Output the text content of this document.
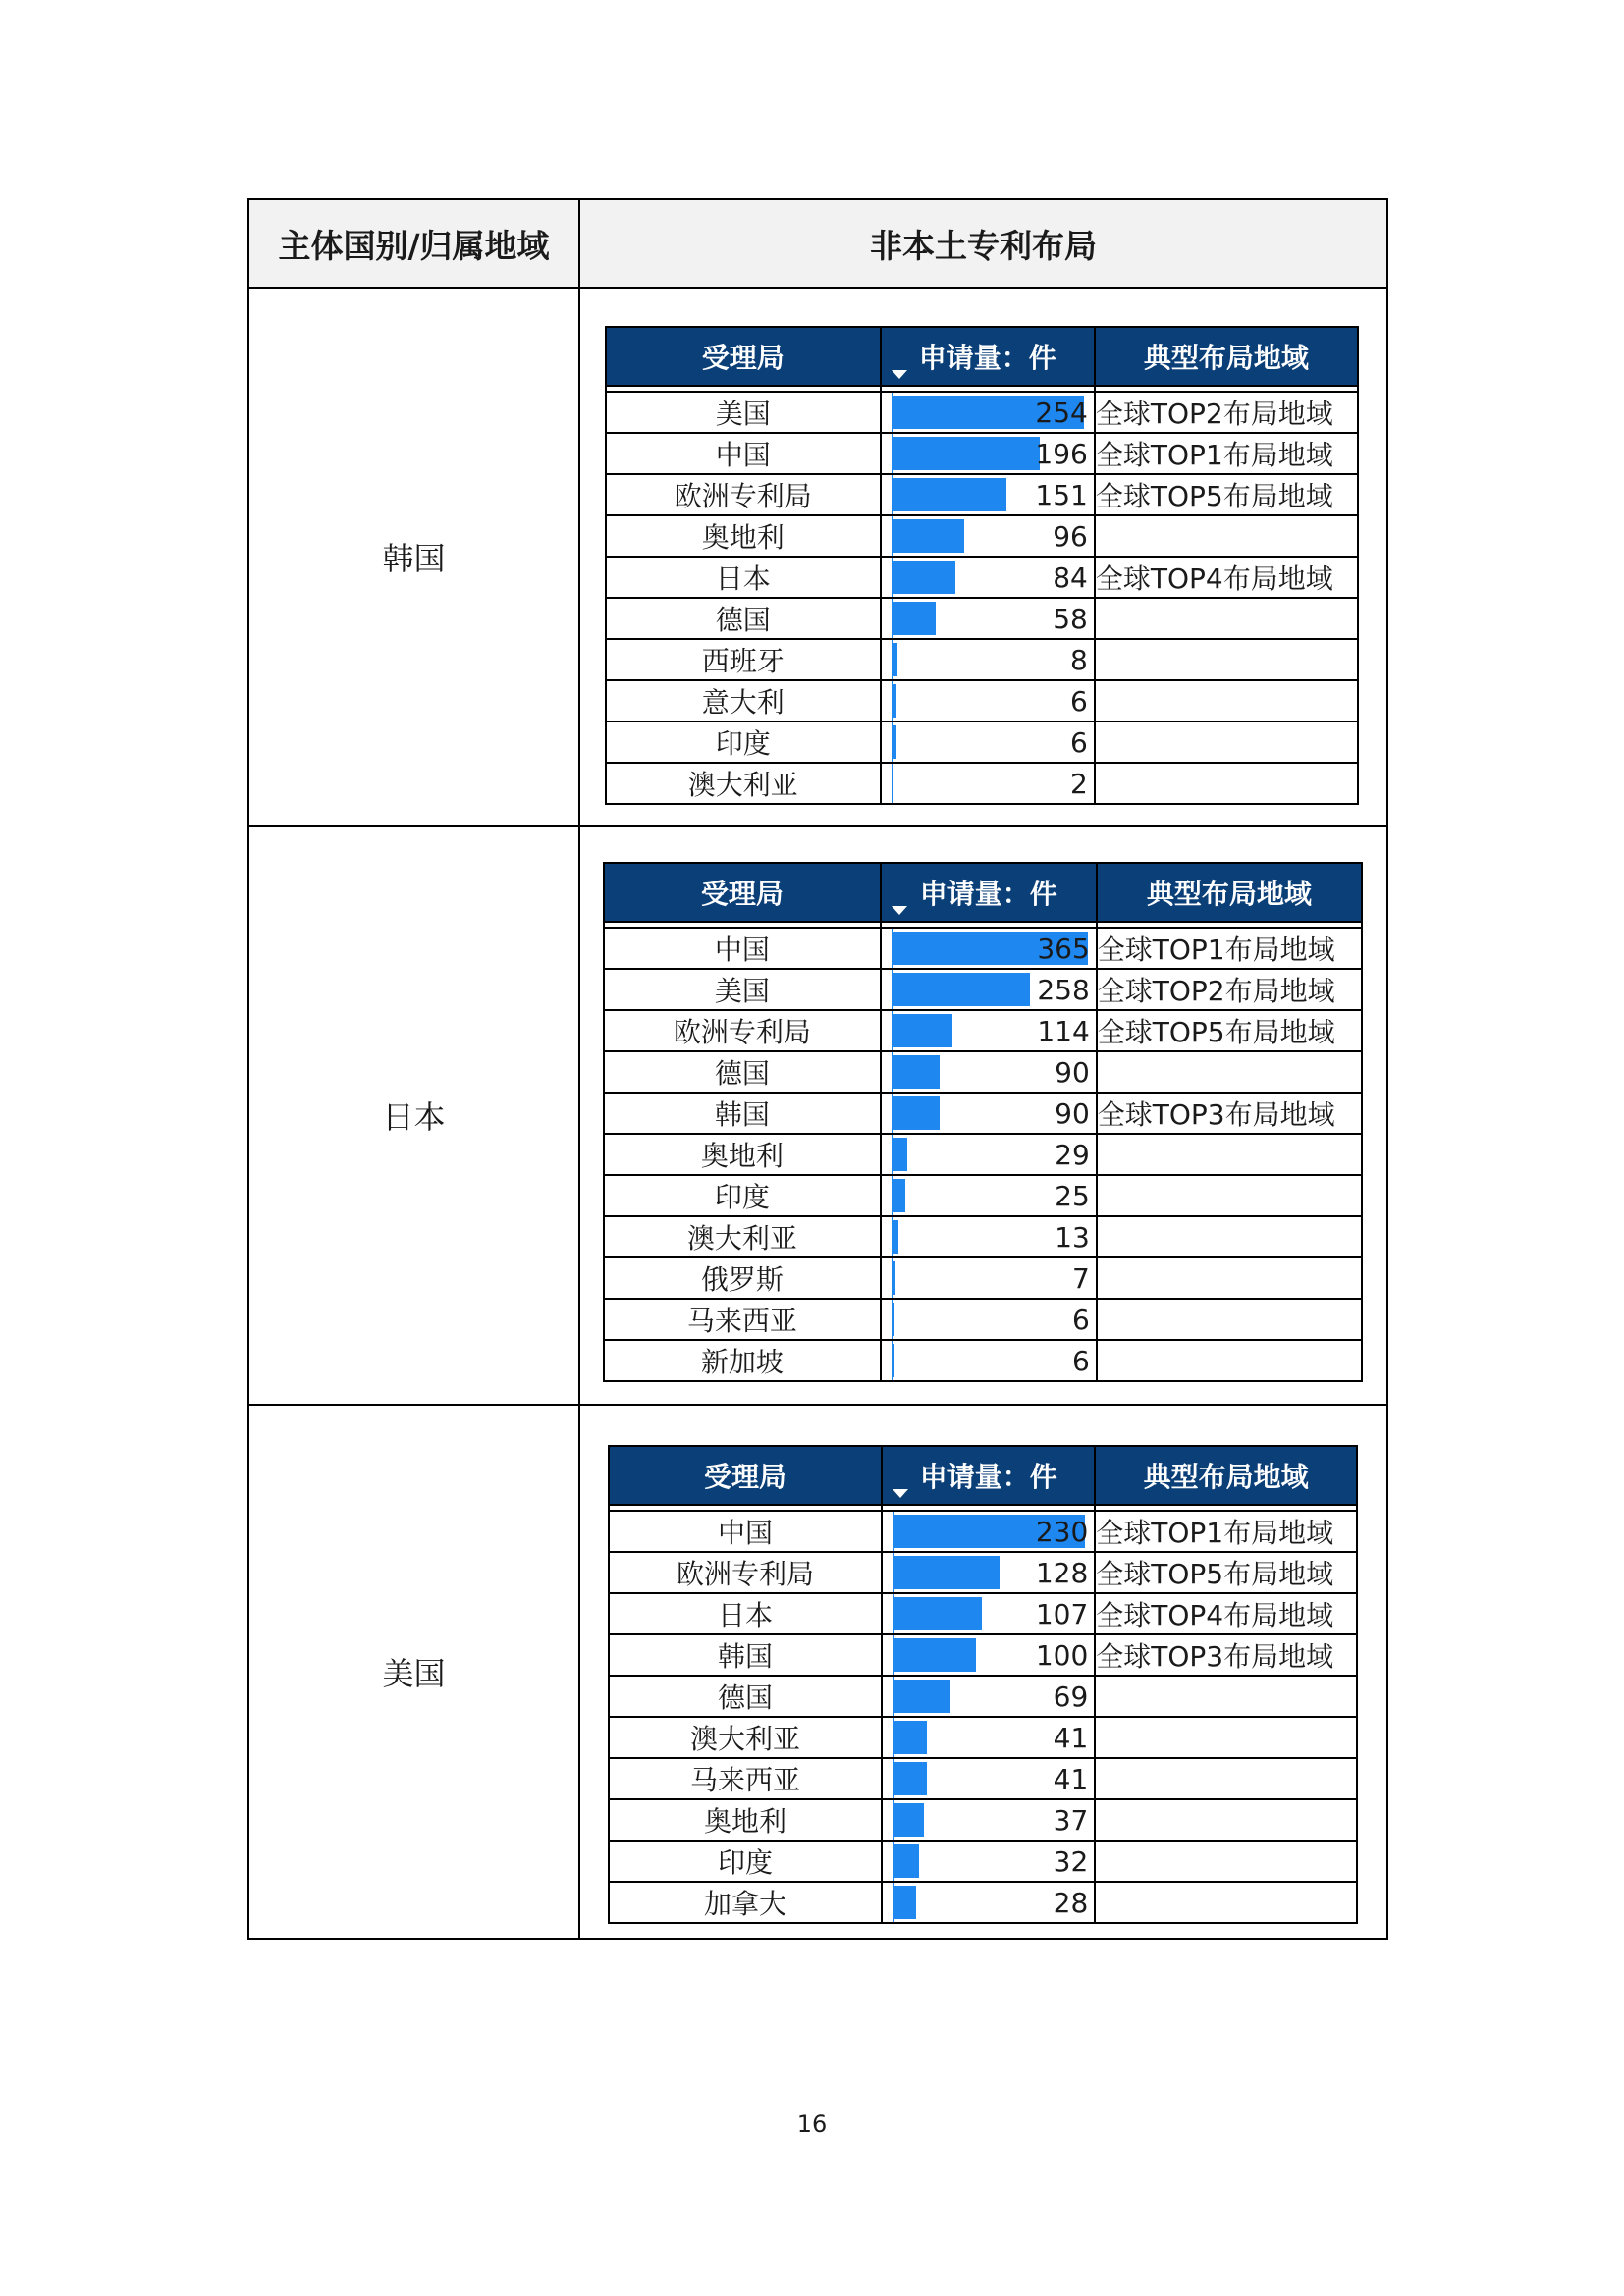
主体国别/归属地域	非本土专利布局
韩国	
受理局	申请量：件	典型布局地域

美国	254	全球TOP2布局地域
中国	196	全球TOP1布局地域
欧洲专利局	151	全球TOP5布局地域
奥地利	96

日本	84	全球TOP4布局地域
德国	58

西班牙	8

意大利	6

印度	6

澳大利亚	2

日本	
受理局	申请量：件	典型布局地域

中国	365	全球TOP1布局地域
美国	258	全球TOP2布局地域
欧洲专利局	114	全球TOP5布局地域
德国	90

韩国	90	全球TOP3布局地域
奥地利	29

印度	25

澳大利亚	13

俄罗斯	7

马来西亚	6

新加坡	6

美国	
受理局	申请量：件	典型布局地域

中国	230	全球TOP1布局地域
欧洲专利局	128	全球TOP5布局地域
日本	107	全球TOP4布局地域
韩国	100	全球TOP3布局地域
德国	69

澳大利亚	41

马来西亚	41

奥地利	37

印度	32

加拿大	28

16
